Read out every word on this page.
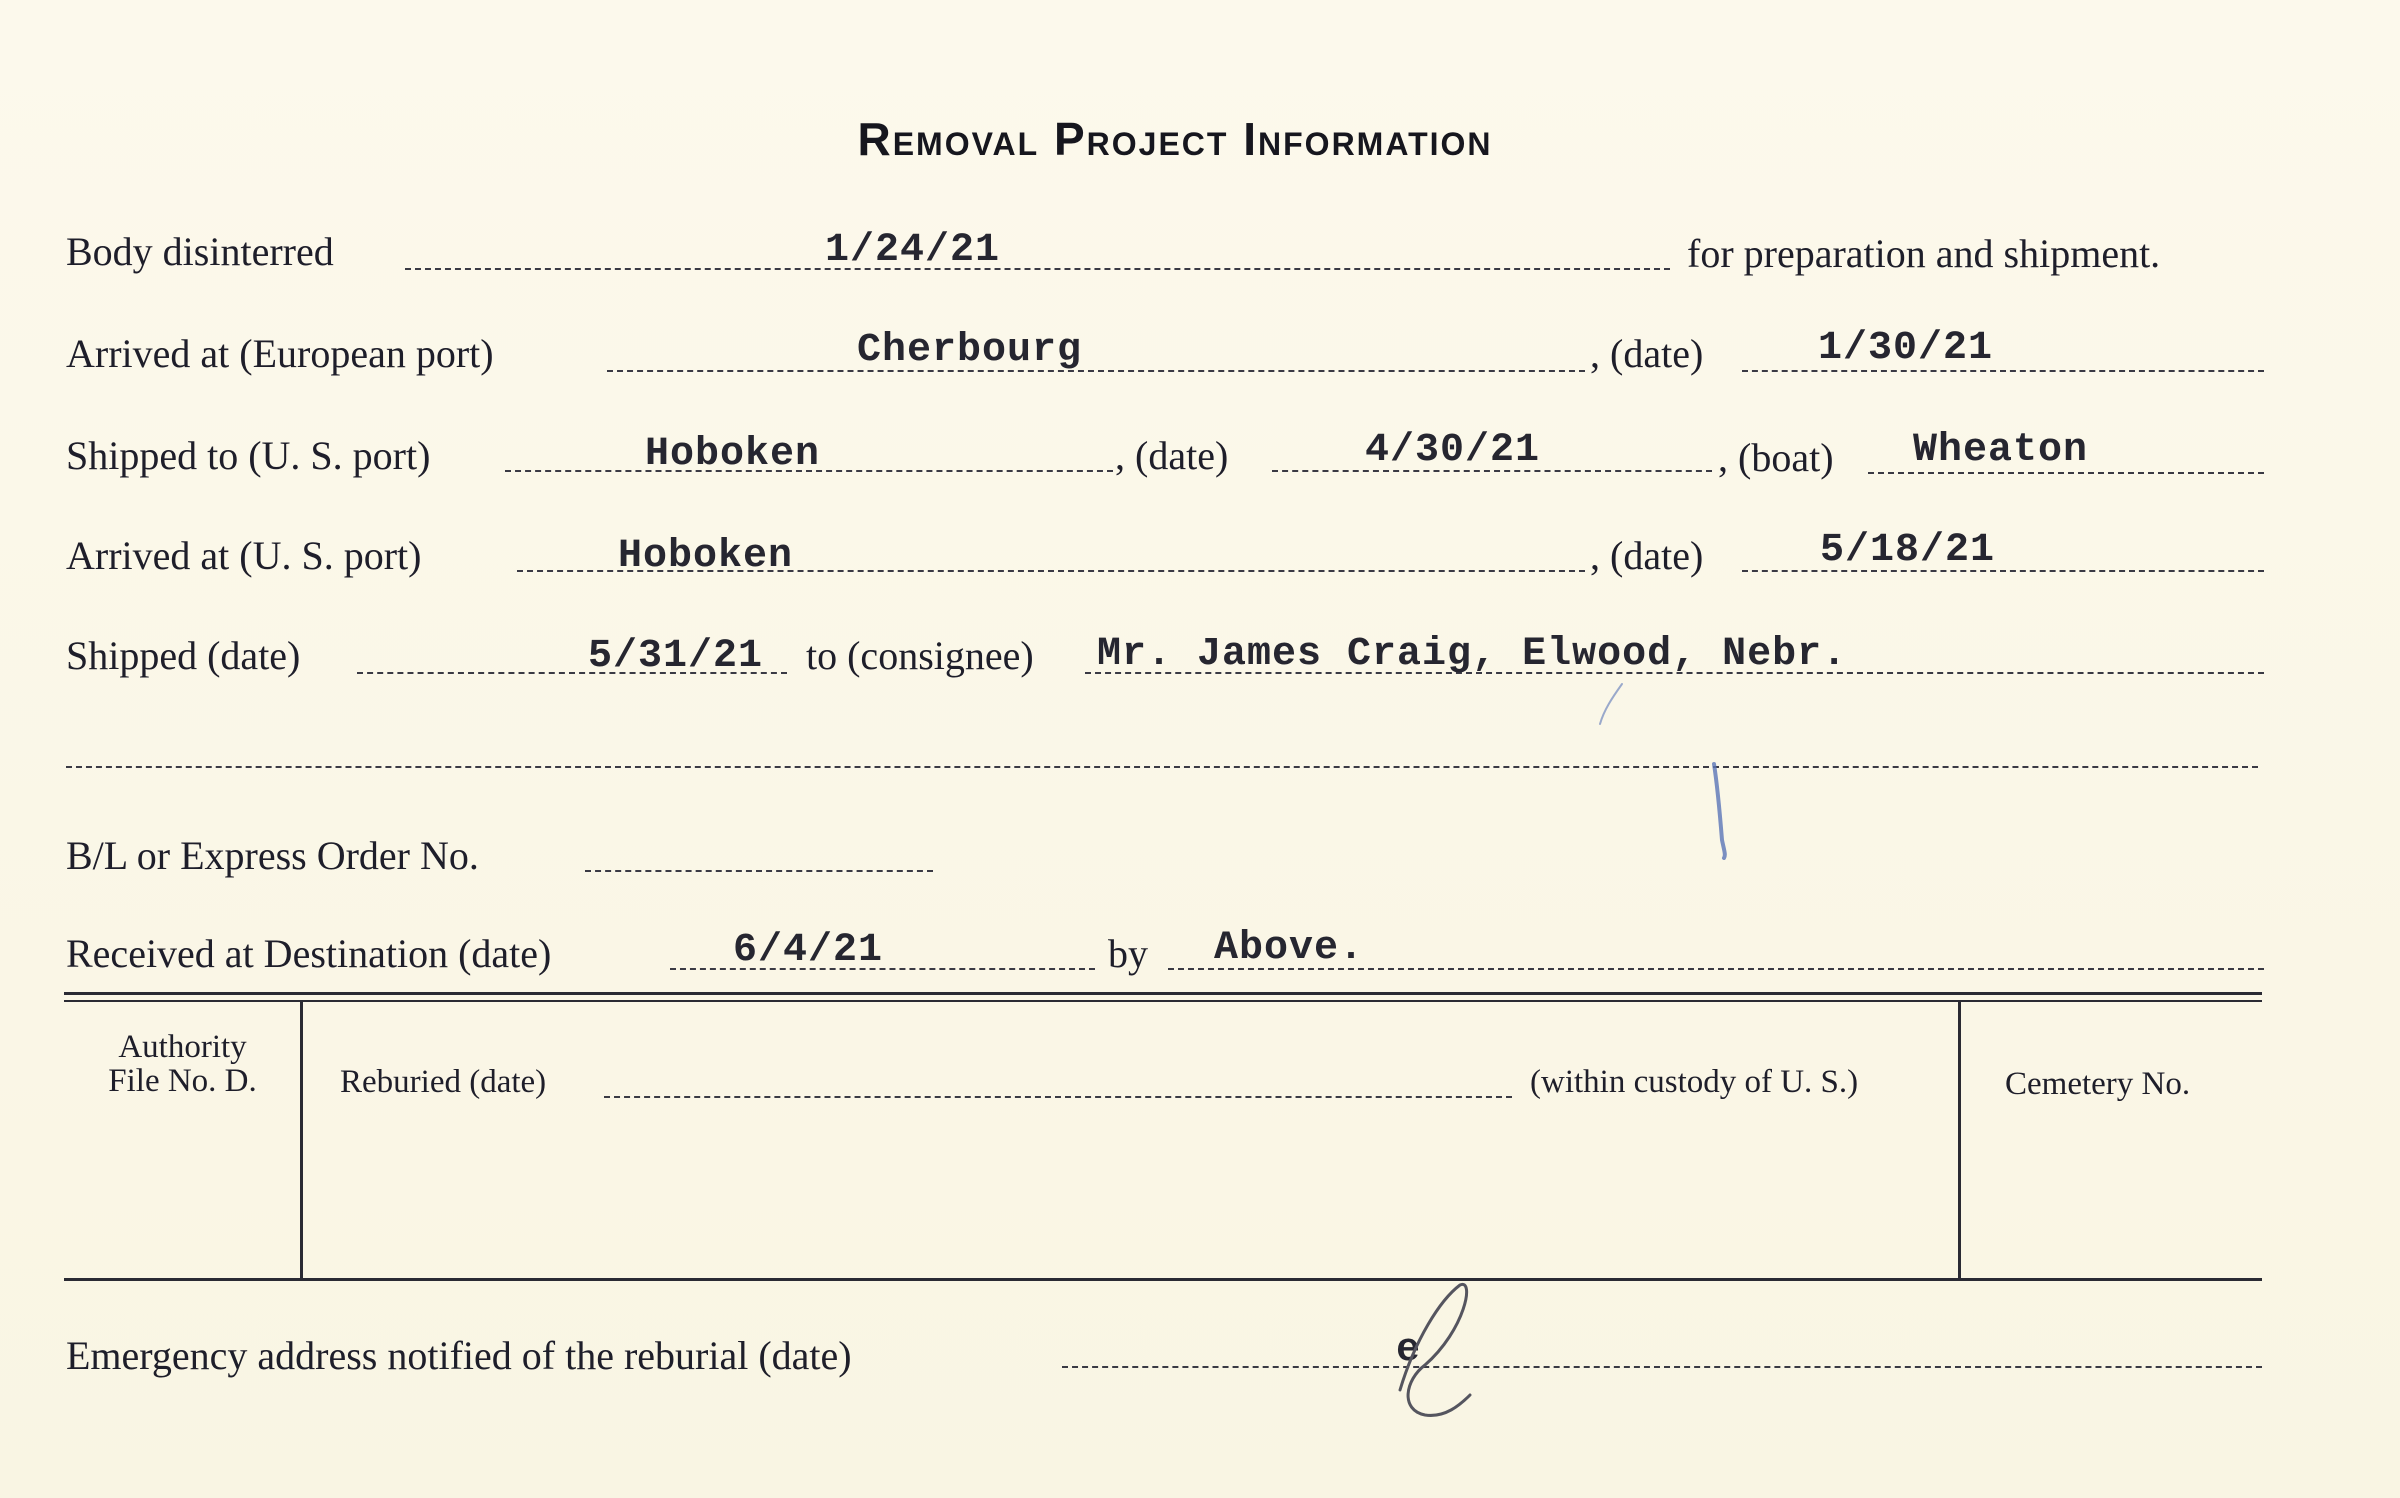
Removal Project Information
Body disinterred	1/24/21	for preparation and shipment.
Arrived at (European port)	Cherbourg	, (date)	1/30/21
Shipped to (U. S. port)	Hoboken	, (date)	4/30/21	, (boat) Wheaton
Arrived at (U. S. port)	Hoboken	, (date)	5/18/21
Shipped (date)	5/31/21 to (consignee) Mr. James Craig, Elwood, Nebr.
B/L or Express Order No.
Received at Destination (date)	6/4/21	by Above.
Authority
File No. D.	Reburied (date)	(within custody of U. S.)	Cemetery No.
Emergency address notified of the reburial (date)	e
